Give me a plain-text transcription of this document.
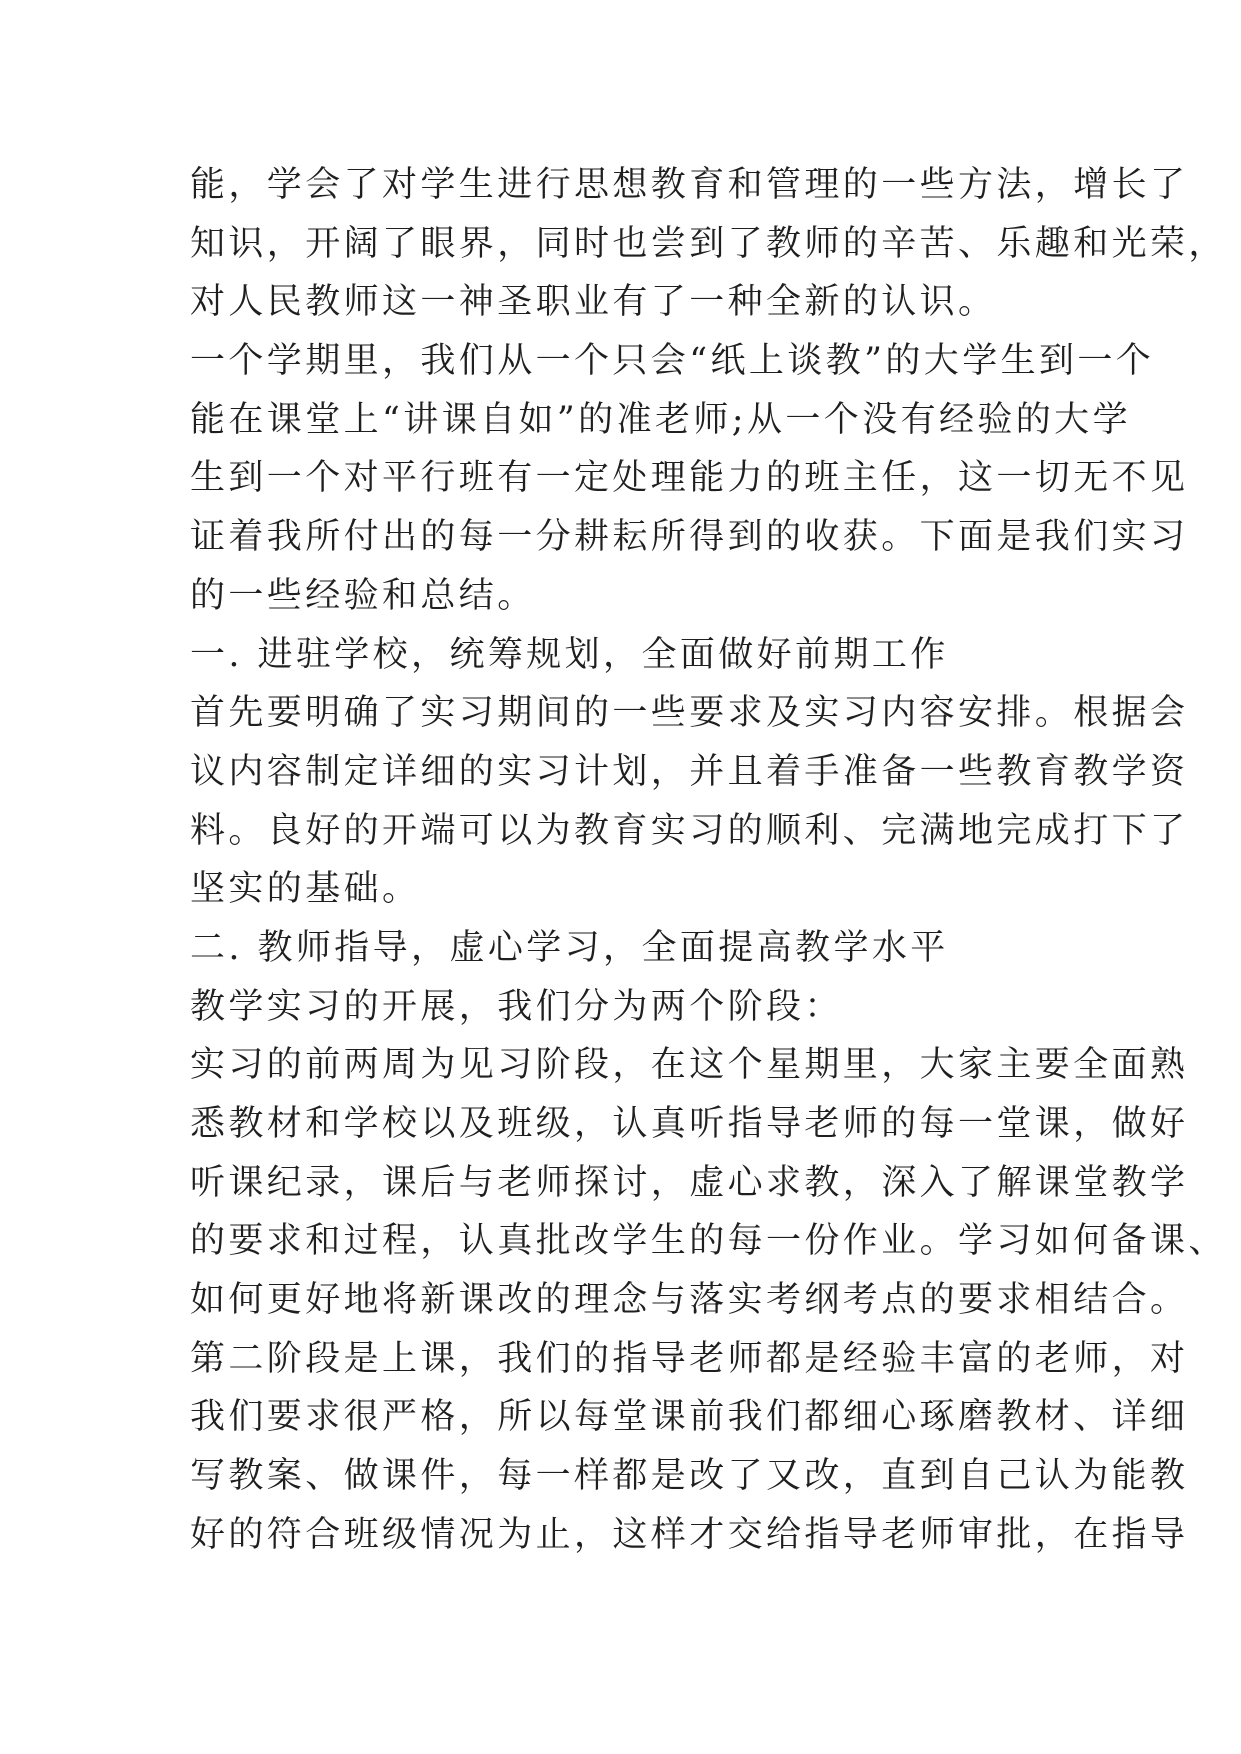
能，学会了对学生进行思想教育和管理的一些方法，增长了
知识，开阔了眼界，同时也尝到了教师的辛苦、乐趣和光荣，
对人民教师这一神圣职业有了一种全新的认识。
一个学期里，我们从一个只会“纸上谈教”的大学生到一个
能在课堂上“讲课自如”的准老师;从一个没有经验的大学
生到一个对平行班有一定处理能力的班主任，这一切无不见
证着我所付出的每一分耕耘所得到的收获。下面是我们实习
的一些经验和总结。
一. 进驻学校，统筹规划，全面做好前期工作
首先要明确了实习期间的一些要求及实习内容安排。根据会
议内容制定详细的实习计划，并且着手准备一些教育教学资
料。良好的开端可以为教育实习的顺利、完满地完成打下了
坚实的基础。
二. 教师指导，虚心学习，全面提高教学水平
教学实习的开展，我们分为两个阶段：
实习的前两周为见习阶段，在这个星期里，大家主要全面熟
悉教材和学校以及班级，认真听指导老师的每一堂课，做好
听课纪录，课后与老师探讨，虚心求教，深入了解课堂教学
的要求和过程，认真批改学生的每一份作业。学习如何备课、
如何更好地将新课改的理念与落实考纲考点的要求相结合。
第二阶段是上课，我们的指导老师都是经验丰富的老师，对
我们要求很严格，所以每堂课前我们都细心琢磨教材、详细
写教案、做课件，每一样都是改了又改，直到自己认为能教
好的符合班级情况为止，这样才交给指导老师审批，在指导
